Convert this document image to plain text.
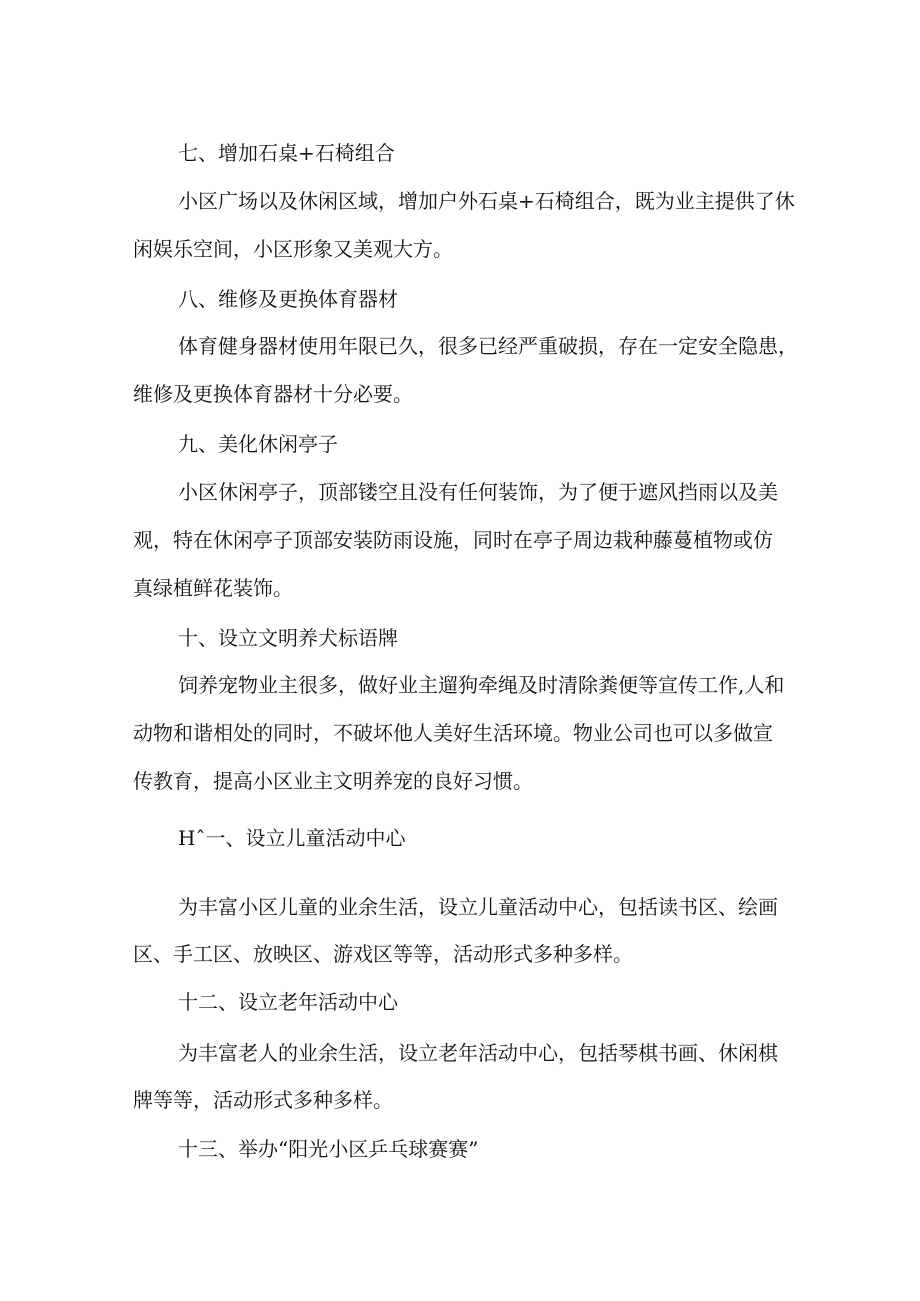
七、增加石桌+石椅组合

小区广场以及休闲区域，增加户外石桌+石椅组合，既为业主提供了休

闲娱乐空间，小区形象又美观大方。

八、维修及更换体育器材

体育健身器材使用年限已久，很多已经严重破损，存在一定安全隐患，

维修及更换体育器材十分必要。

九、美化休闲亭子

小区休闲亭子，顶部镂空且没有任何装饰，为了便于遮风挡雨以及美

观，特在休闲亭子顶部安装防雨设施，同时在亭子周边栽种藤蔓植物或仿

真绿植鲜花装饰。

十、设立文明养犬标语牌

饲养宠物业主很多，做好业主遛狗牵绳及时清除粪便等宣传工作,人和

动物和谐相处的同时，不破坏他人美好生活环境。物业公司也可以多做宣

传教育，提高小区业主文明养宠的良好习惯。

Hˆ一、设立儿童活动中心

为丰富小区儿童的业余生活，设立儿童活动中心，包括读书区、绘画

区、手工区、放映区、游戏区等等，活动形式多种多样。

十二、设立老年活动中心

为丰富老人的业余生活，设立老年活动中心，包括琴棋书画、休闲棋

牌等等，活动形式多种多样。

十三、举办“阳光小区乒乓球赛赛”
